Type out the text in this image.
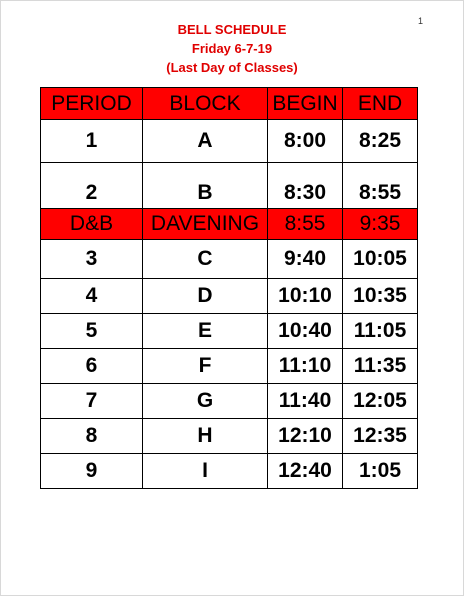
1
BELL SCHEDULE
Friday 6-7-19
(Last Day of Classes)
PERIOD	BLOCK	BEGIN	END
1	A	8:00	8:25
2	B	8:30	8:55
D&B	DAVENING	8:55	9:35
3	C	9:40	10:05
4	D	10:10	10:35
5	E	10:40	11:05
6	F	11:10	11:35
7	G	11:40	12:05
8	H	12:10	12:35
9	I	12:40	1:05
